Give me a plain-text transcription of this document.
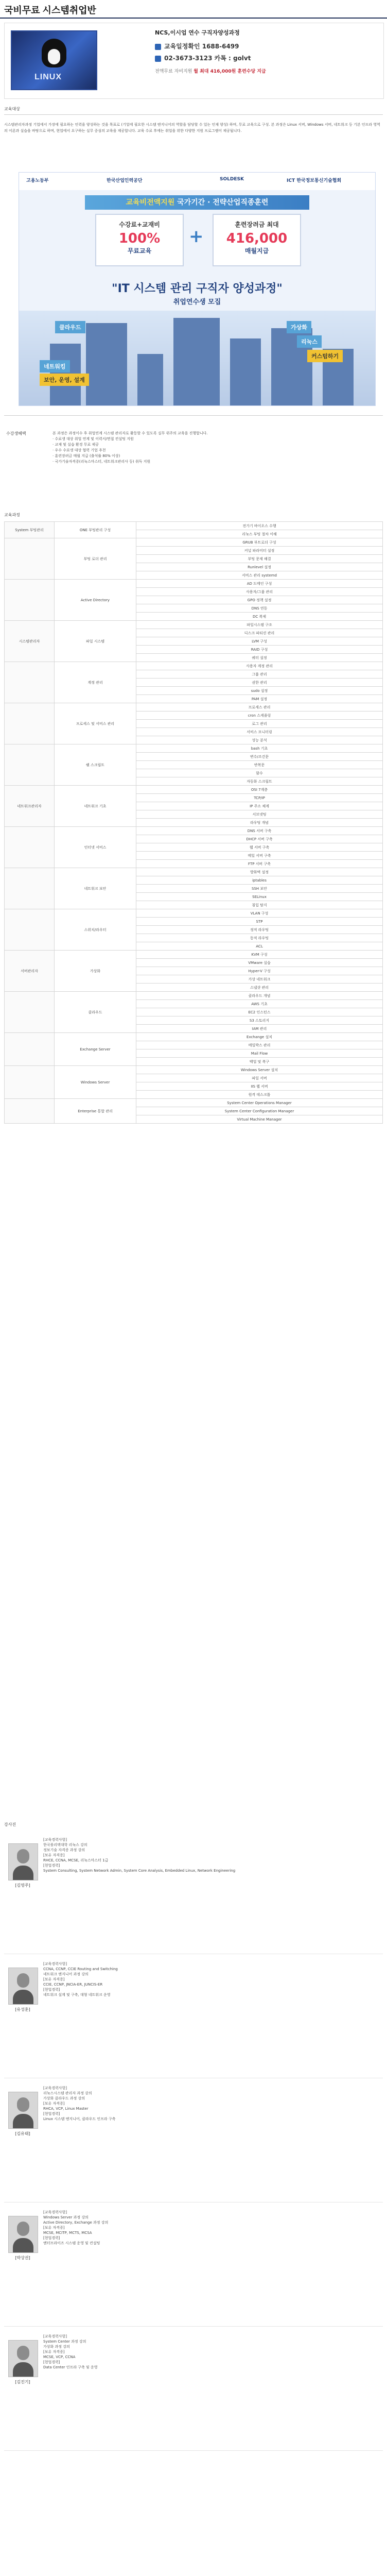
국비무료 시스템취업반
LINUX
NCS,이시업 연수 구직자양성과정
교육일정확인 1688-6499
02-3673-3123 카톡 : golvt
전액무료 자비지원 월 최대 416,000원 훈련수당 지급
교육대상
시스템관리자과정 기업에서 가장에 필요하는 인력을 양성하는 것을 목표로 (기업에 필요한 시스템 엔지니어의 역할을 담당할 수 있는 인재 양성) 하며, 무료 교육으로 구성. 본 과정은 Linux 서버, Windows 서버, 네트워크 등 기본 인프라 영역의 이론과 실습을 바탕으로 하며, 현업에서 요구하는 실무 중심의 교육을 제공합니다. 교육 수료 후에는 취업을 위한 다양한 지원 프로그램이 제공됩니다.
고용노동부	한국산업인력공단	SOLDESK	ICT 한국정보통신기술협회
교육비전액지원 국가기간 · 전략산업직종훈련
수강료+교재비
100%
무료교육
+
훈련장려금 최대
416,000
매월지급
"IT 시스템 관리 구직자 양성과정"
취업연수생 모집
클라우드	가상화
리눅스
커스텀하기
네트워킹
보안, 운영, 설계
수강생혜택	본 과정은 과정이수 후 취업연계 시스템 관리자로 활동할 수 있도록 실무 위주의 교육을 진행합니다.
· 수료생 대상 취업 연계 및 이력서/면접 컨설팅 지원
· 교재 및 실습 환경 무료 제공
· 우수 수료생 대상 협력 기업 추천
· 훈련장려금 매월 지급 (출석률 80% 이상)
· 국가기술자격증(리눅스마스터, 네트워크관리사 등) 취득 지원
교육과정
System 부팅관리	ONE 부팅관리 구성	전가기 바이오스 수행
		리눅스 부팅 절차 이해
	부팅 로더 관리	GRUB 부트로더 구성
		커널 파라미터 설정
		부팅 문제 해결
		Runlevel 설정
		서비스 관리 systemd
	Active Directory	AD 도메인 구성
		사용자/그룹 관리
		GPO 정책 설정
		DNS 연동
		DC 복제
시스템관리자	파일 시스템	파일시스템 구조
		디스크 파티션 관리
		LVM 구성
		RAID 구성
		쿼터 설정
	계정 관리	사용자 계정 관리
		그룹 관리
		권한 관리
		sudo 설정
		PAM 설정
	프로세스 및 서비스 관리	프로세스 관리
		cron 스케줄링
		로그 관리
		서비스 모니터링
		성능 분석
	쉘 스크립트	bash 기초
		변수/조건문
		반복문
		함수
		자동화 스크립트
네트워크관리자	네트워크 기초	OSI 7계층
		TCP/IP
		IP 주소 체계
		서브넷팅
		라우팅 개념
	인터넷 서비스	DNS 서버 구축
		DHCP 서버 구축
		웹 서버 구축
		메일 서버 구축
		FTP 서버 구축
	네트워크 보안	방화벽 설정
		iptables
		SSH 보안
		SELinux
		침입 탐지
	스위치/라우터	VLAN 구성
		STP
		정적 라우팅
		동적 라우팅
		ACL
서버관리자	가상화	KVM 구성
		VMware 실습
		Hyper-V 구성
		가상 네트워크
		스냅샷 관리
	클라우드	클라우드 개념
		AWS 기초
		EC2 인스턴스
		S3 스토리지
		IAM 관리
	Exchange Server	Exchange 설치
		메일박스 관리
		Mail Flow
		백업 및 복구
	Windows Server	Windows Server 설치
		파일 서버
		IIS 웹 서버
		원격 데스크톱
	Enterprise 통합 관리	System Center Operations Manager
		System Center Configuration Manager
		Virtual Machine Manager
강사진
[김영주]
[교육경력사항]
한국폴리텍대학 리눅스 강의
정보기술 자격증 과정 강의
[보유 자격증]
RHCE, CCNA, MCSE, 리눅스마스터 1급
[현업경력]
System Consulting, System Network Admin, System Core Analysis, Embedded Linux, Network Engineering
[유성훈]
[교육경력사항]
CCNA, CCNP, CCIE Routing and Switching
네트워크 엔지니어 과정 강의
[보유 자격증]
CCIE, CCNP, JNCIA-ER, JUNCIS-ER
[현업경력]
네트워크 설계 및 구축, 대형 네트워크 운영
[김유태]
[교육경력사항]
리눅스시스템 관리자 과정 강의
가상화 클라우드 과정 강의
[보유 자격증]
RHCA, VCP, Linux Master
[현업경력]
Linux 시스템 엔지니어, 클라우드 인프라 구축
[박상권]
[교육경력사항]
Windows Server 과정 강의
Active Directory, Exchange 과정 강의
[보유 자격증]
MCSE, MCITP, MCTS, MCSA
[현업경력]
엔터프라이즈 시스템 운영 및 컨설팅
[김진기]
[교육경력사항]
System Center 과정 강의
가상화 과정 강의
[보유 자격증]
MCSE, VCP, CCNA
[현업경력]
Data Center 인프라 구축 및 운영
